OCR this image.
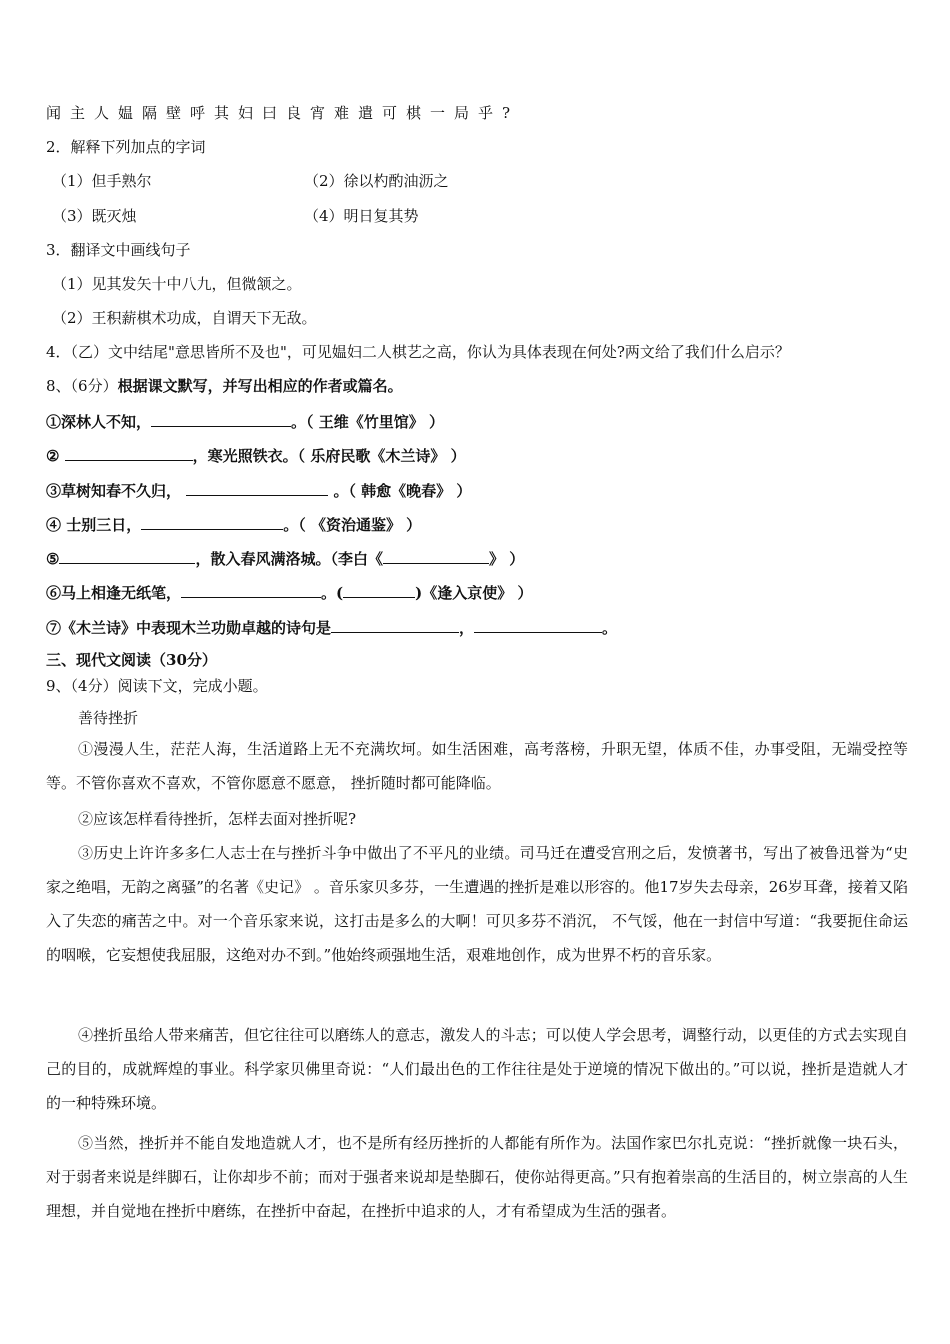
闻主人媪隔壁呼其妇曰良宵难遣可棋一局乎?
2．解释下列加点的字词
（1）但手熟尔	（2）徐以杓酌油沥之
（3）既灭烛	（4）明日复其势
3．翻译文中画线句子
（1）见其发矢十中八九，但微颔之。
（2）王积薪棋术功成，自谓天下无敌。
4．（乙）文中结尾"意思皆所不及也"，可见媪妇二人棋艺之高，你认为具体表现在何处?两文给了我们什么启示？
8、（6分）根据课文默写，并写出相应的作者或篇名。
①深林人不知，	。（ 王维《竹里馆》 ）
②	，寒光照铁衣。（ 乐府民歌《木兰诗》 ）
③草树知春不久归，	。（ 韩愈《晚春》 ）
④ 士别三日，	。（ 《资治通鉴》 ）
⑤	，散入春风满洛城。（李白《	》 ）
⑥马上相逢无纸笔，	。(	)《逢入京使》 ）
⑦《木兰诗》中表现木兰功勋卓越的诗句是	，	。
三、现代文阅读（30分）
9、（4分）阅读下文，完成小题。
善待挫折
①漫漫人生，茫茫人海，生活道路上无不充满坎坷。如生活困难，高考落榜，升职无望，体质不佳，办事受阻，无端受控等等。不管你喜欢不喜欢，不管你愿意不愿意， 挫折随时都可能降临。
②应该怎样看待挫折，怎样去面对挫折呢?
③历史上许许多多仁人志士在与挫折斗争中做出了不平凡的业绩。司马迁在遭受宫刑之后，发愤著书，写出了被鲁迅誉为“史家之绝唱，无韵之离骚”的名著《史记》 。音乐家贝多芬，一生遭遇的挫折是难以形容的。他17岁失去母亲，26岁耳聋，接着又陷入了失恋的痛苦之中。对一个音乐家来说，这打击是多么的大啊！可贝多芬不消沉， 不气馁，他在一封信中写道：“我要扼住命运的咽喉，它妄想使我屈服，这绝对办不到。”他始终顽强地生活，艰难地创作，成为世界不朽的音乐家。
④挫折虽给人带来痛苦，但它往往可以磨练人的意志，激发人的斗志；可以使人学会思考，调整行动，以更佳的方式去实现自己的目的，成就辉煌的事业。科学家贝佛里奇说：“人们最出色的工作往往是处于逆境的情况下做出的。”可以说，挫折是造就人才的一种特殊环境。
⑤当然，挫折并不能自发地造就人才，也不是所有经历挫折的人都能有所作为。法国作家巴尔扎克说：“挫折就像一块石头，对于弱者来说是绊脚石，让你却步不前；而对于强者来说却是垫脚石，使你站得更高。”只有抱着崇高的生活目的，树立崇高的人生理想，并自觉地在挫折中磨练，在挫折中奋起，在挫折中追求的人，才有希望成为生活的强者。
